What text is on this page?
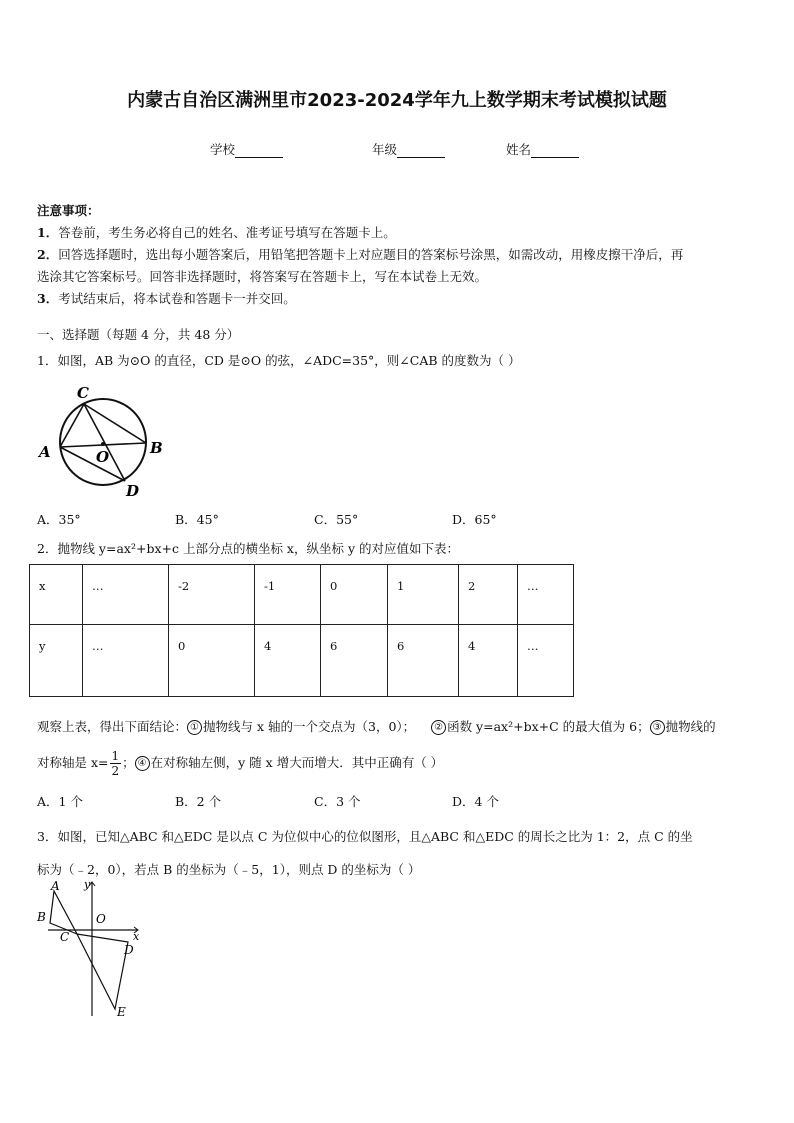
内蒙古自治区满洲里市2023-2024学年九上数学期末考试模拟试题
学校	年级	姓名
注意事项：
1．答卷前，考生务必将自己的姓名、准考证号填写在答题卡上。
2．回答选择题时，选出每小题答案后，用铅笔把答题卡上对应题目的答案标号涂黑，如需改动，用橡皮擦干净后，再
选涂其它答案标号。回答非选择题时，将答案写在答题卡上，写在本试卷上无效。
3．考试结束后，将本试卷和答题卡一并交回。
一、选择题（每题 4 分，共 48 分）
1．如图，AB 为⊙O 的直径，CD 是⊙O 的弦，∠ADC=35°，则∠CAB 的度数为（ ）
C
A	O	B
D
A．35°	B．45°	C．55°	D．65°
2．抛物线 y=ax²+bx+c 上部分点的横坐标 x，纵坐标 y 的对应值如下表：
x	…	-2	-1	0	1	2	…
y	…	0	4	6	6	4	…
观察上表，得出下面结论： ① 抛物线与 x 轴的一个交点为（3，0）； ② 函数 y=ax²+bx+C 的最大值为 6； ③ 抛物线的
对称轴是 $x= \frac{1}{2}$ ； ④ 在对称轴左侧，y 随 x 增大而增大．其中正确有（ ）
A．1 个	B．2 个	C．3 个	D．4 个
3．如图，已知△ABC 和△EDC 是以点 C 为位似中心的位似图形，且△ABC 和△EDC 的周长之比为 1：2，点 C 的坐
标为（﹣2，0），若点 B 的坐标为（﹣5，1），则点 D 的坐标为（ ）
A y
B	O
C	x
D
E
